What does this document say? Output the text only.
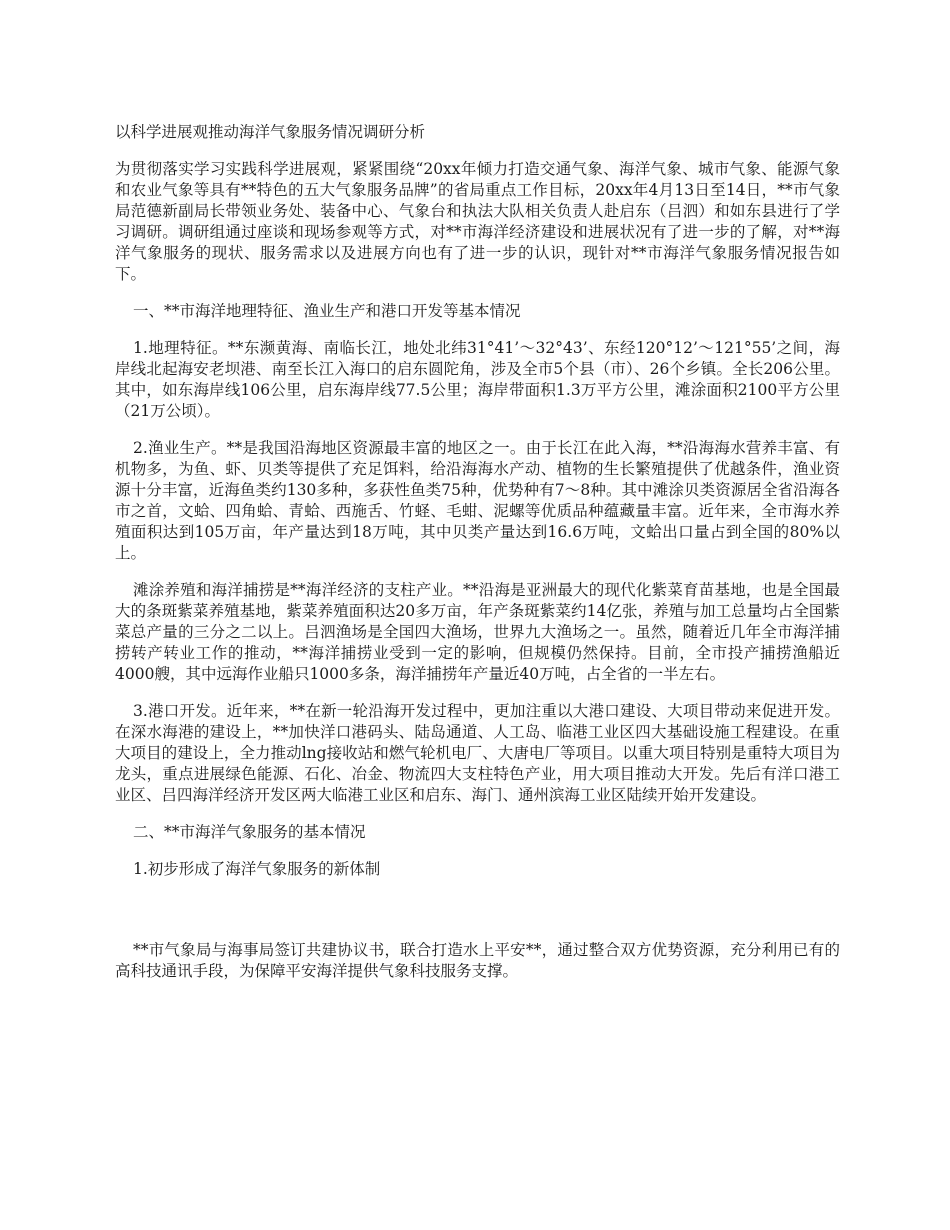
以科学进展观推动海洋气象服务情况调研分析

为贯彻落实学习实践科学进展观，紧紧围绕“20xx年倾力打造交通气象、海洋气象、城市气象、能源气象和农业气象等具有**特色的五大气象服务品牌”的省局重点工作目标，20xx年4月13日至14日，**市气象局范德新副局长带领业务处、装备中心、气象台和执法大队相关负责人赴启东（吕泗）和如东县进行了学习调研。调研组通过座谈和现场参观等方式，对**市海洋经济建设和进展状况有了进一步的了解，对**海洋气象服务的现状、服务需求以及进展方向也有了进一步的认识，现针对**市海洋气象服务情况报告如下。

一、**市海洋地理特征、渔业生产和港口开发等基本情况

1.地理特征。**东濒黄海、南临长江，地处北纬31°41’～32°43’、东经120°12’～121°55’之间，海岸线北起海安老坝港、南至长江入海口的启东圆陀角，涉及全市5个县（市）、26个乡镇。全长206公里。其中，如东海岸线106公里，启东海岸线77.5公里；海岸带面积1.3万平方公里，滩涂面积2100平方公里（21万公顷）。

2.渔业生产。**是我国沿海地区资源最丰富的地区之一。由于长江在此入海，**沿海海水营养丰富、有机物多，为鱼、虾、贝类等提供了充足饵料，给沿海海水产动、植物的生长繁殖提供了优越条件，渔业资源十分丰富，近海鱼类约130多种，多获性鱼类75种，优势种有7～8种。其中滩涂贝类资源居全省沿海各市之首，文蛤、四角蛤、青蛤、西施舌、竹蛏、毛蚶、泥螺等优质品种蕴藏量丰富。近年来，全市海水养殖面积达到105万亩，年产量达到18万吨，其中贝类产量达到16.6万吨，文蛤出口量占到全国的80%以上。

滩涂养殖和海洋捕捞是**海洋经济的支柱产业。**沿海是亚洲最大的现代化紫菜育苗基地，也是全国最大的条斑紫菜养殖基地，紫菜养殖面积达20多万亩，年产条斑紫菜约14亿张，养殖与加工总量均占全国紫菜总产量的三分之二以上。吕泗渔场是全国四大渔场，世界九大渔场之一。虽然，随着近几年全市海洋捕捞转产转业工作的推动，**海洋捕捞业受到一定的影响，但规模仍然保持。目前，全市投产捕捞渔船近4000艘，其中远海作业船只1000多条，海洋捕捞年产量近40万吨，占全省的一半左右。

3.港口开发。近年来，**在新一轮沿海开发过程中，更加注重以大港口建设、大项目带动来促进开发。在深水海港的建设上，**加快洋口港码头、陆岛通道、人工岛、临港工业区四大基础设施工程建设。在重大项目的建设上，全力推动lng接收站和燃气轮机电厂、大唐电厂等项目。以重大项目特别是重特大项目为龙头，重点进展绿色能源、石化、冶金、物流四大支柱特色产业，用大项目推动大开发。先后有洋口港工业区、吕四海洋经济开发区两大临港工业区和启东、海门、通州滨海工业区陆续开始开发建设。

二、**市海洋气象服务的基本情况

1.初步形成了海洋气象服务的新体制

**市气象局与海事局签订共建协议书，联合打造水上平安**，通过整合双方优势资源，充分利用已有的高科技通讯手段，为保障平安海洋提供气象科技服务支撑。
